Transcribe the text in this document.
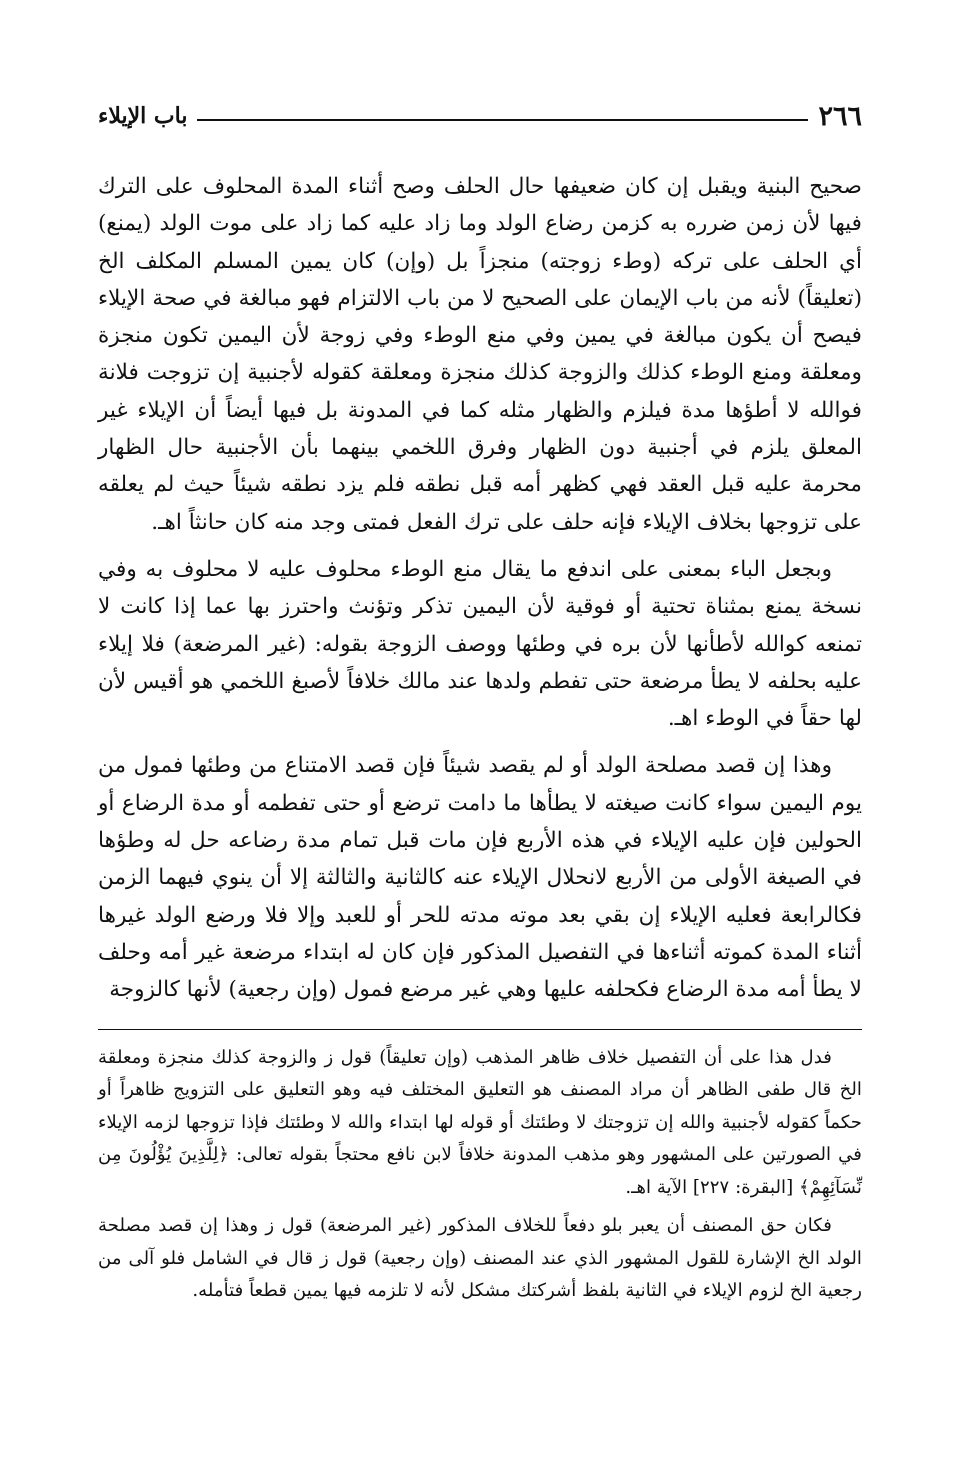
٢٦٦
باب الإيلاء

صحيح البنية ويقبل إن كان ضعيفها حال الحلف وصح أثناء المدة المحلوف على الترك فيها لأن زمن ضرره به كزمن رضاع الولد وما زاد عليه كما زاد على موت الولد (يمنع) أي الحلف على تركه (وطء زوجته) منجزاً بل (وإن) كان يمين المسلم المكلف الخ (تعليقاً) لأنه من باب الإيمان على الصحيح لا من باب الالتزام فهو مبالغة في صحة الإيلاء فيصح أن يكون مبالغة في يمين وفي منع الوطء وفي زوجة لأن اليمين تكون منجزة ومعلقة ومنع الوطء كذلك والزوجة كذلك منجزة ومعلقة كقوله لأجنبية إن تزوجت فلانة فوالله لا أطؤها مدة فيلزم والظهار مثله كما في المدونة بل فيها أيضاً أن الإيلاء غير المعلق يلزم في أجنبية دون الظهار وفرق اللخمي بينهما بأن الأجنبية حال الظهار محرمة عليه قبل العقد فهي كظهر أمه قبل نطقه فلم يزد نطقه شيئاً حيث لم يعلقه على تزوجها بخلاف الإيلاء فإنه حلف على ترك الفعل فمتى وجد منه كان حانثاً اهـ.

وبجعل الباء بمعنى على اندفع ما يقال منع الوطء محلوف عليه لا محلوف به وفي نسخة يمنع بمثناة تحتية أو فوقية لأن اليمين تذكر وتؤنث واحترز بها عما إذا كانت لا تمنعه كوالله لأطأنها لأن بره في وطئها ووصف الزوجة بقوله: (غير المرضعة) فلا إيلاء عليه بحلفه لا يطأ مرضعة حتى تفطم ولدها عند مالك خلافاً لأصبغ اللخمي هو أقيس لأن لها حقاً في الوطء اهـ.

وهذا إن قصد مصلحة الولد أو لم يقصد شيئاً فإن قصد الامتناع من وطئها فمول من يوم اليمين سواء كانت صيغته لا يطأها ما دامت ترضع أو حتى تفطمه أو مدة الرضاع أو الحولين فإن عليه الإيلاء في هذه الأربع فإن مات قبل تمام مدة رضاعه حل له وطؤها في الصيغة الأولى من الأربع لانحلال الإيلاء عنه كالثانية والثالثة إلا أن ينوي فيهما الزمن فكالرابعة فعليه الإيلاء إن بقي بعد موته مدته للحر أو للعبد وإلا فلا ورضع الولد غيرها أثناء المدة كموته أثناءها في التفصيل المذكور فإن كان له ابتداء مرضعة غير أمه وحلف لا يطأ أمه مدة الرضاع فكحلفه عليها وهي غير مرضع فمول (وإن رجعية) لأنها كالزوجة

فدل هذا على أن التفصيل خلاف ظاهر المذهب (وإن تعليقاً) قول ز والزوجة كذلك منجزة ومعلقة الخ قال طفى الظاهر أن مراد المصنف هو التعليق المختلف فيه وهو التعليق على التزويج ظاهراً أو حكماً كقوله لأجنبية والله إن تزوجتك لا وطئتك أو قوله لها ابتداء والله لا وطئتك فإذا تزوجها لزمه الإيلاء في الصورتين على المشهور وهو مذهب المدونة خلافاً لابن نافع محتجاً بقوله تعالى: ﴿لِلَّذِينَ يُؤْلُونَ مِن نِّسَآئِهِمْ﴾ [البقرة: ٢٢٧] الآية اهـ.

فكان حق المصنف أن يعبر بلو دفعاً للخلاف المذكور (غير المرضعة) قول ز وهذا إن قصد مصلحة الولد الخ الإشارة للقول المشهور الذي عند المصنف (وإن رجعية) قول ز قال في الشامل فلو آلى من رجعية الخ لزوم الإيلاء في الثانية بلفظ أشركتك مشكل لأنه لا تلزمه فيها يمين قطعاً فتأمله.
